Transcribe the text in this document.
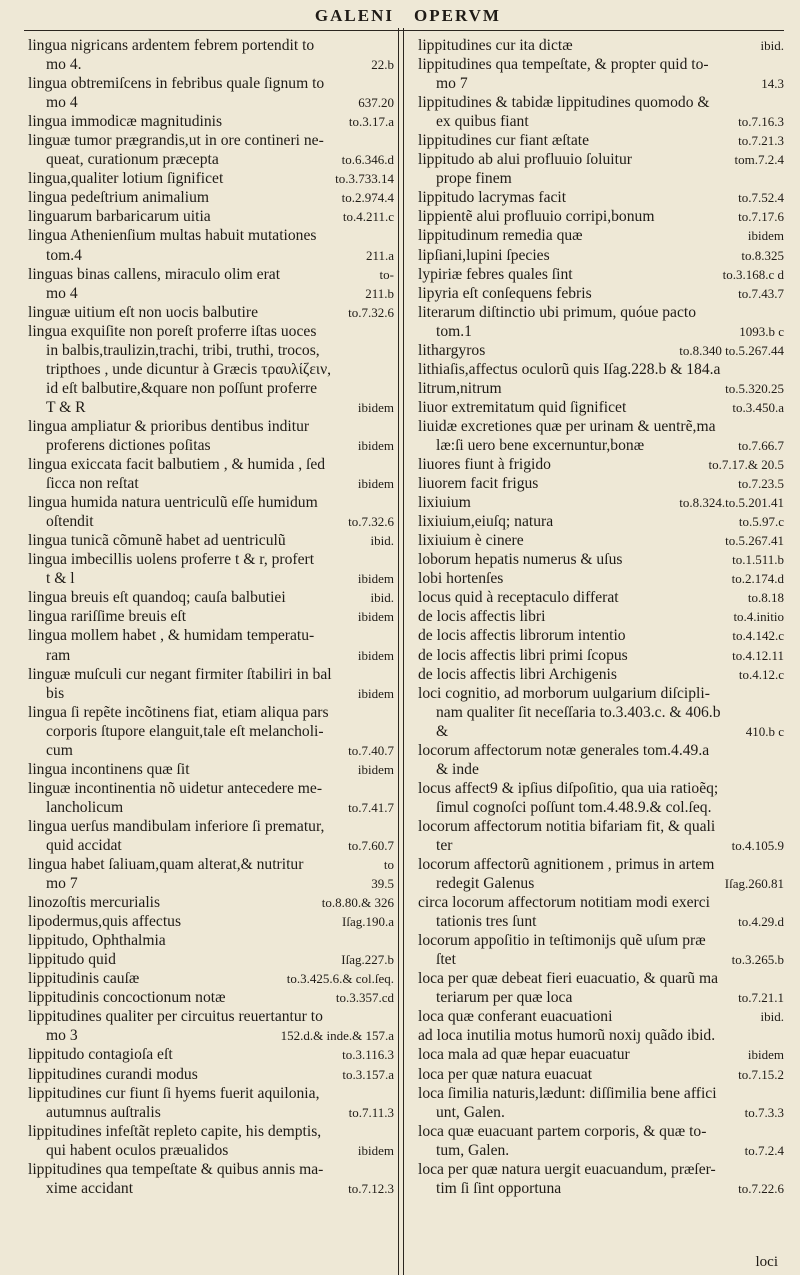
GALENI OPERVM
lingua nigricans ardentem febrem portendit to
mo 4.	22.b
lingua obtremiſcens in febribus quale ſignum to
mo 4	637.20
lingua immodicæ magnitudinis	to.3.17.a
linguæ tumor prægrandis,ut in ore contineri ne-
queat, curationum præcepta	to.6.346.d
lingua,qualiter lotium ſignificet	to.3.733.14
lingua pedeſtrium animalium	to.2.974.4
linguarum barbaricarum uitia	to.4.211.c
lingua Athenienſium multas habuit mutationes
tom.4	211.a
linguas binas callens, miraculo olim erat	to-
mo 4	211.b
linguæ uitium eſt non uocis balbutire	to.7.32.6
lingua exquiſite non poreſt proferre iſtas uoces
in balbis,traulizin,trachi, tribi, truthi, trocos,
tripthoes , unde dicuntur à Græcis τραυλίζειν,
id eſt balbutire,&quare non poſſunt proferre
T & R	ibidem
lingua ampliatur & prioribus dentibus inditur
proferens dictiones poſitas	ibidem
lingua exiccata facit balbutiem , & humida , ſed
ſicca non reſtat	ibidem
lingua humida natura uentriculũ eſſe humidum
oſtendit	to.7.32.6
lingua tunicã cõmunẽ habet ad uentriculũ	ibid.
lingua imbecillis uolens proferre t & r, profert
t & l	ibidem
lingua breuis eſt quandoq; cauſa balbutiei	ibid.
lingua rariſſime breuis eſt	ibidem
lingua mollem habet , & humidam temperatu-
ram	ibidem
linguæ muſculi cur negant firmiter ſtabiliri in bal
bis	ibidem
lingua ſi repẽte incõtinens fiat, etiam aliqua pars
corporis ſtupore elanguit,tale eſt melancholi-
cum	to.7.40.7
lingua incontinens quæ ſit	ibidem
linguæ incontinentia nõ uidetur antecedere me-
lancholicum	to.7.41.7
lingua uerſus mandibulam inferiore ſi prematur,
quid accidat	to.7.60.7
lingua habet ſaliuam,quam alterat,& nutritur	to
mo 7	39.5
linozoſtis mercurialis	to.8.80.& 326
lipodermus,quis affectus	Iſag.190.a
lippitudo, Ophthalmia
lippitudo quid	Iſag.227.b
lippitudinis cauſæ	to.3.425.6.& col.ſeq.
lippitudinis concoctionum notæ	to.3.357.cd
lippitudines qualiter per circuitus reuertantur to
mo 3	152.d.& inde.& 157.a
lippitudo contagioſa eſt	to.3.116.3
lippitudines curandi modus	to.3.157.a
lippitudines cur fiunt ſi hyems fuerit aquilonia,
autumnus auſtralis	to.7.11.3
lippitudines infeſtãt repleto capite, his demptis,
qui habent oculos præualidos	ibidem
lippitudines qua tempeſtate & quibus annis ma-
xime accidant	to.7.12.3
lippitudines cur ita dictæ	ibid.
lippitudines qua tempeſtate, & propter quid to-
mo 7	14.3
lippitudines & tabidæ lippitudines quomodo &
ex quibus fiant	to.7.16.3
lippitudines cur fiant æſtate	to.7.21.3
lippitudo ab alui profluuio ſoluitur	tom.7.2.4
prope finem
lippitudo lacrymas facit	to.7.52.4
lippientẽ alui profluuio corripi,bonum	to.7.17.6
lippitudinum remedia quæ	ibidem
lipſiani,lupini ſpecies	to.8.325
lypiriæ febres quales ſint	to.3.168.c d
lipyria eſt conſequens febris	to.7.43.7
literarum diſtinctio ubi primum, quóue pacto
tom.1	1093.b c
lithargyros	to.8.340 to.5.267.44
lithiaſis,affectus oculorũ quis Iſag.228.b & 184.a
litrum,nitrum	to.5.320.25
liuor extremitatum quid ſignificet	to.3.450.a
liuidæ excretiones quæ per urinam & uentrẽ,ma
læ:ſi uero bene excernuntur,bonæ	to.7.66.7
liuores fiunt à frigido	to.7.17.& 20.5
liuorem facit frigus	to.7.23.5
lixiuium	to.8.324.to.5.201.41
lixiuium,eiuſq; natura	to.5.97.c
lixiuium è cinere	to.5.267.41
loborum hepatis numerus & uſus	to.1.511.b
lobi hortenſes	to.2.174.d
locus quid à receptaculo differat	to.8.18
de locis affectis libri	to.4.initio
de locis affectis librorum intentio	to.4.142.c
de locis affectis libri primi ſcopus	to.4.12.11
de locis affectis libri Archigenis	to.4.12.c
loci cognitio, ad morborum uulgarium diſcipli-
nam qualiter ſit neceſſaria to.3.403.c. & 406.b
&	410.b c
locorum affectorum notæ generales tom.4.49.a
& inde
locus affect9 & ipſius diſpoſitio, qua uia ratioẽq;
ſimul cognoſci poſſunt tom.4.48.9.& col.ſeq.
locorum affectorum notitia bifariam fit, & quali
ter	to.4.105.9
locorum affectorũ agnitionem , primus in artem
redegit Galenus	Iſag.260.81
circa locorum affectorum notitiam modi exerci
tationis tres ſunt	to.4.29.d
locorum appoſitio in teſtimonijs quẽ uſum præ
ſtet	to.3.265.b
loca per quæ debeat fieri euacuatio, & quarũ ma
teriarum per quæ loca	to.7.21.1
loca quæ conferant euacuationi	ibid.
ad loca inutilia motus humorũ noxiȷ quãdo ibid.
loca mala ad quæ hepar euacuatur	ibidem
loca per quæ natura euacuat	to.7.15.2
loca ſimilia naturis,lædunt: diſſimilia bene affici
unt, Galen.	to.7.3.3
loca quæ euacuant partem corporis, & quæ to-
tum, Galen.	to.7.2.4
loca per quæ natura uergit euacuandum, præſer-
tim ſi ſint opportuna	to.7.22.6
loci
